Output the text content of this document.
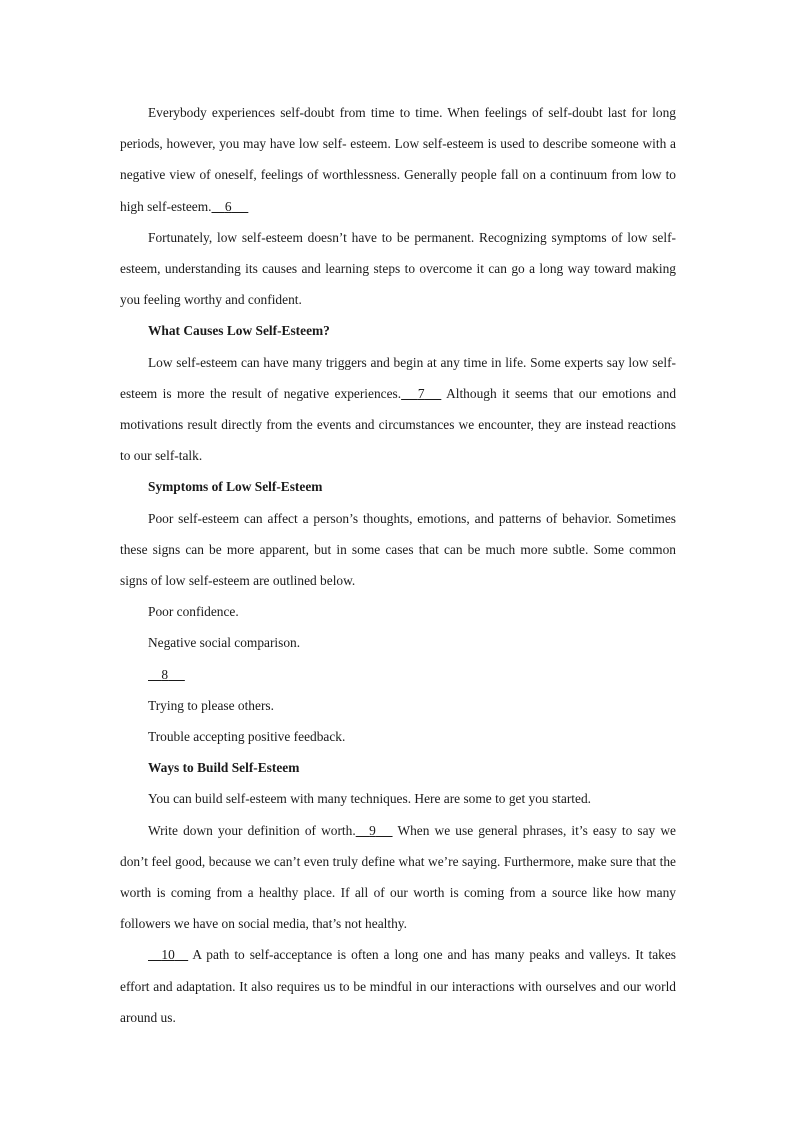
Everybody experiences self-doubt from time to time. When feelings of self-doubt last for long periods, however, you may have low self- esteem. Low self-esteem is used to describe someone with a negative view of oneself, feelings of worthlessness. Generally people fall on a continuum from low to high self-esteem. 6

Fortunately, low self-esteem doesn’t have to be permanent. Recognizing symptoms of low self-esteem, understanding its causes and learning steps to overcome it can go a long way toward making you feeling worthy and confident.

What Causes Low Self-Esteem?

Low self-esteem can have many triggers and begin at any time in life. Some experts say low self- esteem is more the result of negative experiences. 7 Although it seems that our emotions and motivations result directly from the events and circumstances we encounter, they are instead reactions to our self-talk.

Symptoms of Low Self-Esteem

Poor self-esteem can affect a person’s thoughts, emotions, and patterns of behavior. Sometimes these signs can be more apparent, but in some cases that can be much more subtle. Some common signs of low self-esteem are outlined below.

Poor confidence.

Negative social comparison.

8

Trying to please others.

Trouble accepting positive feedback.

Ways to Build Self-Esteem

You can build self-esteem with many techniques. Here are some to get you started.

Write down your definition of worth. 9 When we use general phrases, it’s easy to say we don’t feel good, because we can’t even truly define what we’re saying. Furthermore, make sure that the worth is coming from a healthy place. If all of our worth is coming from a source like how many followers we have on social media, that’s not healthy.

10 A path to self-acceptance is often a long one and has many peaks and valleys. It takes effort and adaptation. It also requires us to be mindful in our interactions with ourselves and our world around us.
